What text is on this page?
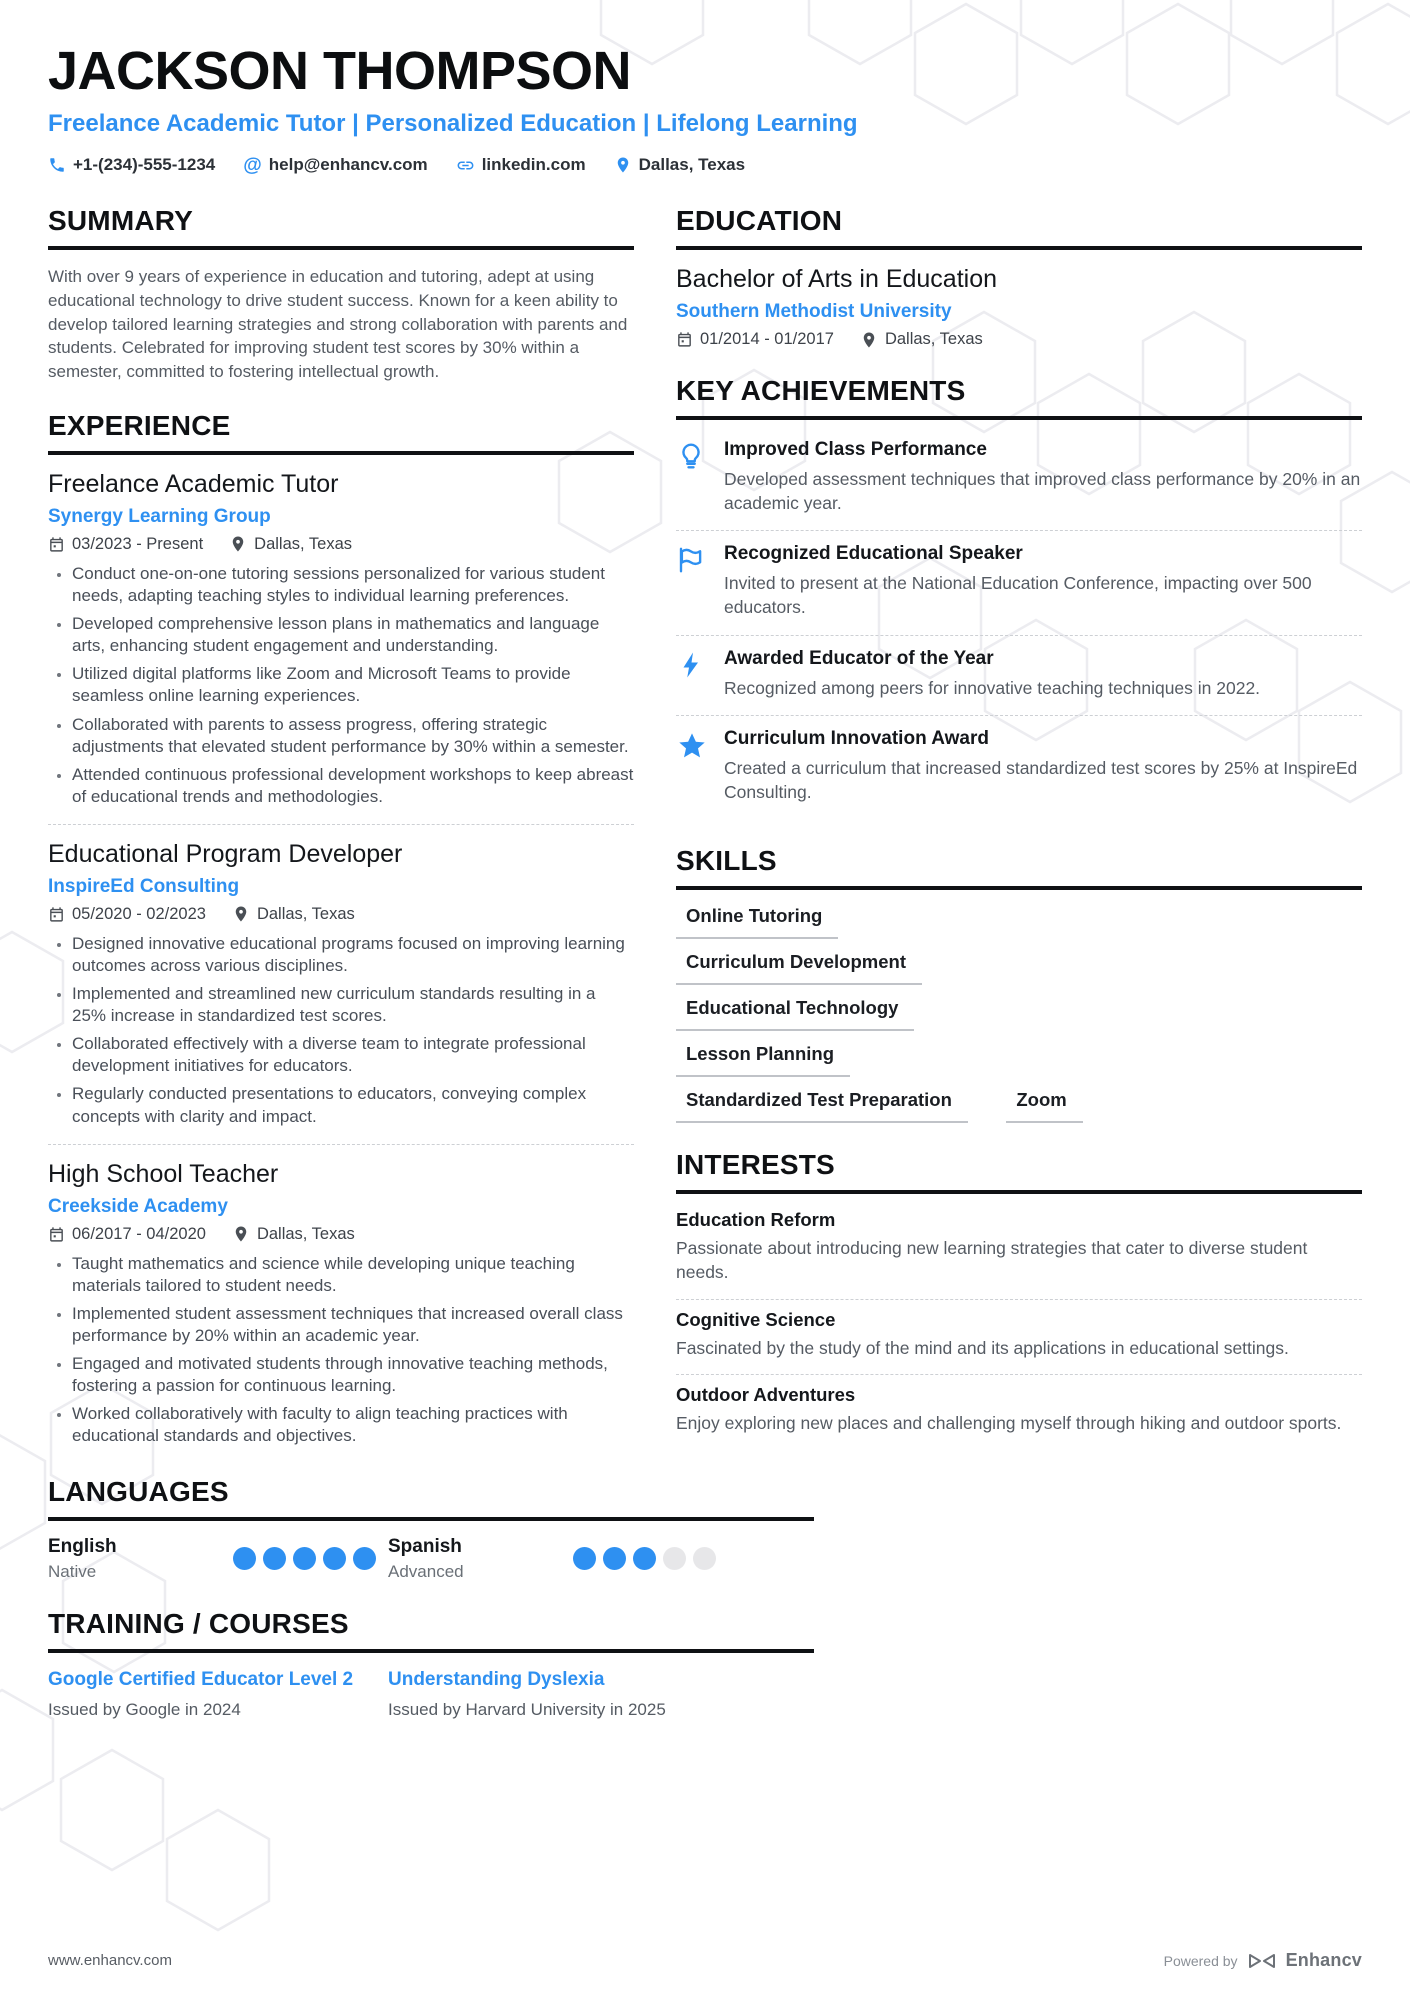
JACKSON THOMPSON
Freelance Academic Tutor | Personalized Education | Lifelong Learning
+1-(234)-555-1234 @ help@enhancv.com	linkedin.com	Dallas, Texas
SUMMARY

With over 9 years of experience in education and tutoring, adept at using educational technology to drive student success. Known for a keen ability to develop tailored learning strategies and strong collaboration with parents and students. Celebrated for improving student test scores by 30% within a semester, committed to fostering intellectual growth.

EXPERIENCE
Freelance Academic Tutor
Synergy Learning Group
03/2023 - Present	Dallas, Texas
• Conduct one-on-one tutoring sessions personalized for various student needs, adapting teaching styles to individual learning preferences.
• Developed comprehensive lesson plans in mathematics and language arts, enhancing student engagement and understanding.
• Utilized digital platforms like Zoom and Microsoft Teams to provide seamless online learning experiences.
• Collaborated with parents to assess progress, offering strategic adjustments that elevated student performance by 30% within a semester.
• Attended continuous professional development workshops to keep abreast of educational trends and methodologies.
Educational Program Developer
InspireEd Consulting
05/2020 - 02/2023	Dallas, Texas
• Designed innovative educational programs focused on improving learning outcomes across various disciplines.
• Implemented and streamlined new curriculum standards resulting in a 25% increase in standardized test scores.
• Collaborated effectively with a diverse team to integrate professional development initiatives for educators.
• Regularly conducted presentations to educators, conveying complex concepts with clarity and impact.
High School Teacher
Creekside Academy
06/2017 - 04/2020	Dallas, Texas
• Taught mathematics and science while developing unique teaching materials tailored to student needs.
• Implemented student assessment techniques that increased overall class performance by 20% within an academic year.
• Engaged and motivated students through innovative teaching methods, fostering a passion for continuous learning.
• Worked collaboratively with faculty to align teaching practices with educational standards and objectives.
EDUCATION
Bachelor of Arts in Education
Southern Methodist University
01/2014 - 01/2017	Dallas, Texas
KEY ACHIEVEMENTS
Improved Class Performance
Developed assessment techniques that improved class performance by 20% in an academic year.
Recognized Educational Speaker
Invited to present at the National Education Conference, impacting over 500 educators.
Awarded Educator of the Year
Recognized among peers for innovative teaching techniques in 2022.
Curriculum Innovation Award
Created a curriculum that increased standardized test scores by 25% at InspireEd Consulting.
SKILLS
Online Tutoring
Curriculum Development
Educational Technology
Lesson Planning
Standardized Test Preparation	Zoom
INTERESTS
Education Reform
Passionate about introducing new learning strategies that cater to diverse student needs.
Cognitive Science
Fascinated by the study of the mind and its applications in educational settings.
Outdoor Adventures
Enjoy exploring new places and challenging myself through hiking and outdoor sports.
LANGUAGES
English
Native
Spanish
Advanced
TRAINING / COURSES
Google Certified Educator Level 2
Issued by Google in 2024
Understanding Dyslexia
Issued by Harvard University in 2025
www.enhancv.com	Powered by	Enhancv
